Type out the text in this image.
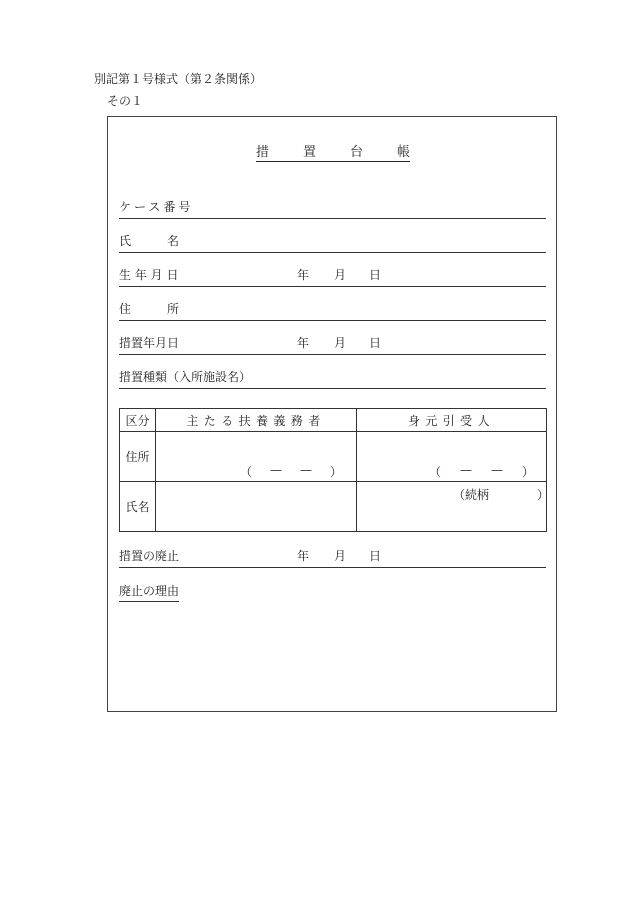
別記第１号様式（第２条関係）
その１
措	置	台	帳
ケース番号
氏　　　名
生 年 月 日	年 月 日
住　　　所
措置年月日	年 月 日
措置種類（入所施設名）
区分	主たる扶養義務者	身元引受人
住所	（ — — ）	（ — — ）

氏名		（続柄　　　　）
措置の廃止	年 月 日
廃止の理由
